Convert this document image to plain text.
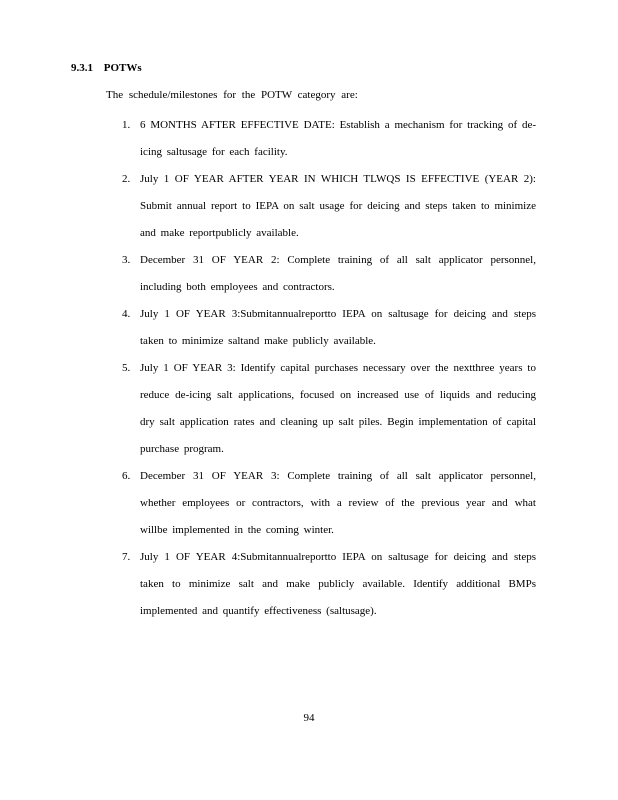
9.3.1 POTWs
The schedule/milestones for the POTW category are:
1. 6 MONTHS AFTER EFFECTIVE DATE: Establish a mechanism for tracking of de-icing saltusage for each facility.
2. July 1 OF YEAR AFTER YEAR IN WHICH TLWQS IS EFFECTIVE (YEAR 2): Submit annual report to IEPA on salt usage for deicing and steps taken to minimize and make reportpublicly available.
3. December 31 OF YEAR 2: Complete training of all salt applicator personnel, including both employees and contractors.
4. July 1 OF YEAR 3:Submitannualreportto IEPA on saltusage for deicing and steps taken to minimize saltand make publicly available.
5. July 1 OF YEAR 3: Identify capital purchases necessary over the nextthree years to reduce de-icing salt applications, focused on increased use of liquids and reducing dry salt application rates and cleaning up salt piles. Begin implementation of capital purchase program.
6. December 31 OF YEAR 3: Complete training of all salt applicator personnel, whether employees or contractors, with a review of the previous year and what willbe implemented in the coming winter.
7. July 1 OF YEAR 4:Submitannualreportto IEPA on saltusage for deicing and steps taken to minimize salt and make publicly available. Identify additional BMPs implemented and quantify effectiveness (saltusage).
94
